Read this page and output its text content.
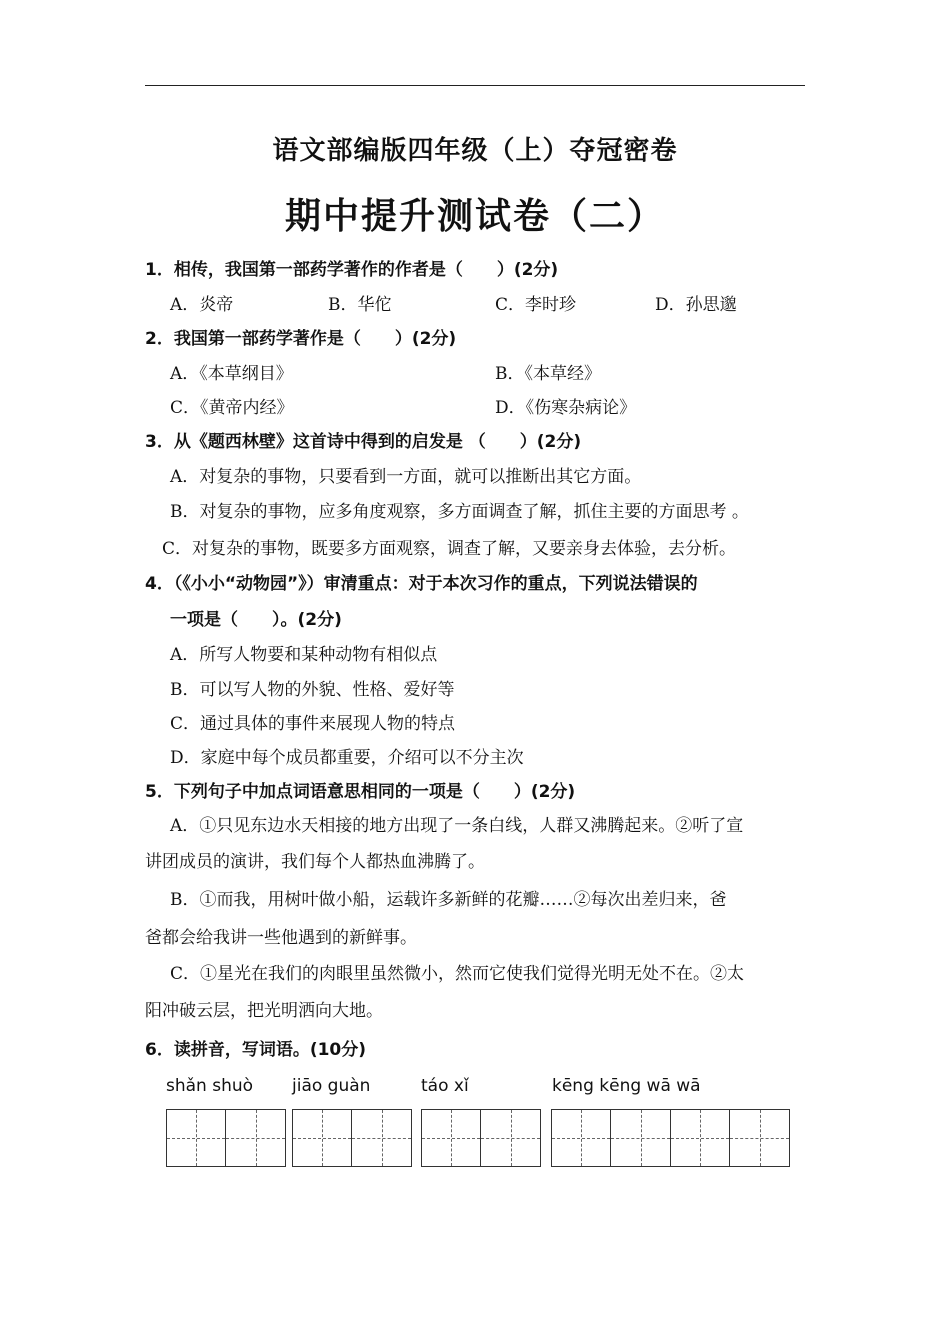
语文部编版四年级（上）夺冠密卷
期中提升测试卷（二）
1．相传，我国第一部药学著作的作者是（　　）(2分)
A．炎帝	B．华佗	C．李时珍	D．孙思邈
2．我国第一部药学著作是（　　）(2分)
A．《本草纲目》	B．《本草经》
C．《黄帝内经》	D．《伤寒杂病论》
3．从《题西林壁》这首诗中得到的启发是 （　　）(2分)
A．对复杂的事物，只要看到一方面，就可以推断出其它方面。
B．对复杂的事物，应多角度观察，多方面调查了解，抓住主要的方面思考 。
C．对复杂的事物，既要多方面观察，调查了解，又要亲身去体验，去分析。
4．（《小小“动物园”》）审清重点：对于本次习作的重点，下列说法错误的
一项是（　　）。(2分)
A．所写人物要和某种动物有相似点
B．可以写人物的外貌、性格、爱好等
C．通过具体的事件来展现人物的特点
D．家庭中每个成员都重要，介绍可以不分主次
5．下列句子中加点词语意思相同的一项是（　　）(2分)
A．①只见东边水天相接的地方出现了一条白线，人群又沸腾起来。②听了宣
讲团成员的演讲，我们每个人都热血沸腾了。
B．①而我，用树叶做小船，运载许多新鲜的花瓣……②每次出差归来，爸
爸都会给我讲一些他遇到的新鲜事。
C．①星光在我们的肉眼里虽然微小，然而它使我们觉得光明无处不在。②太
阳冲破云层，把光明洒向大地。
6．读拼音，写词语。(10分)
shǎn shuò jiāo guàn	táo xǐ	kēng kēng wā wā
